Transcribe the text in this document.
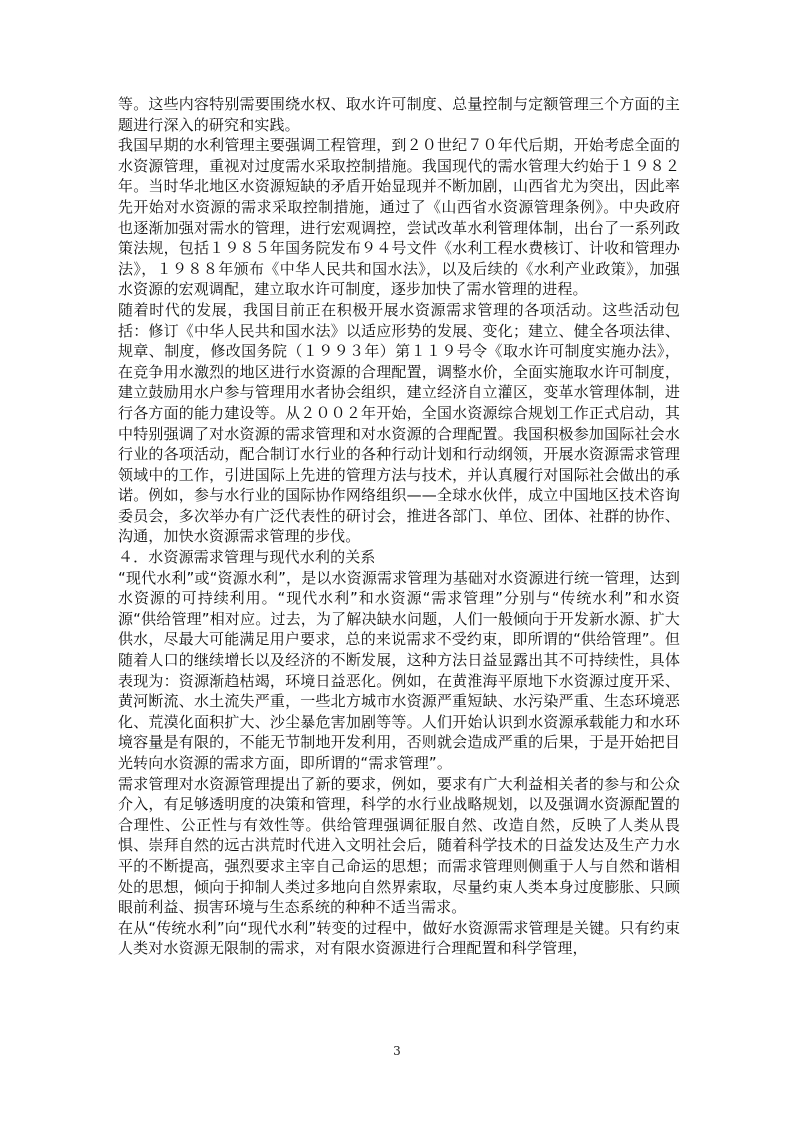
等。这些内容特别需要围绕水权、取水许可制度、总量控制与定额管理三个方面的主题进行深入的研究和实践。

我国早期的水利管理主要强调工程管理，到２０世纪７０年代后期，开始考虑全面的水资源管理，重视对过度需水采取控制措施。我国现代的需水管理大约始于１９８２年。当时华北地区水资源短缺的矛盾开始显现并不断加剧，山西省尤为突出，因此率先开始对水资源的需求采取控制措施，通过了《山西省水资源管理条例》。中央政府也逐渐加强对需水的管理，进行宏观调控，尝试改革水利管理体制，出台了一系列政策法规，包括１９８５年国务院发布９４号文件《水利工程水费核订、计收和管理办法》，１９８８年颁布《中华人民共和国水法》，以及后续的《水利产业政策》，加强水资源的宏观调配，建立取水许可制度，逐步加快了需水管理的进程。

随着时代的发展，我国目前正在积极开展水资源需求管理的各项活动。这些活动包括：修订《中华人民共和国水法》以适应形势的发展、变化；建立、健全各项法律、规章、制度，修改国务院（１９９３年）第１１９号令《取水许可制度实施办法》，在竞争用水激烈的地区进行水资源的合理配置，调整水价，全面实施取水许可制度，建立鼓励用水户参与管理用水者协会组织，建立经济自立灌区，变革水管理体制，进行各方面的能力建设等。从２００２年开始，全国水资源综合规划工作正式启动，其中特别强调了对水资源的需求管理和对水资源的合理配置。我国积极参加国际社会水行业的各项活动，配合制订水行业的各种行动计划和行动纲领，开展水资源需求管理领域中的工作，引进国际上先进的管理方法与技术，并认真履行对国际社会做出的承诺。例如，参与水行业的国际协作网络组织——全球水伙伴，成立中国地区技术咨询委员会，多次举办有广泛代表性的研讨会，推进各部门、单位、团体、社群的协作、沟通，加快水资源需求管理的步伐。

４．水资源需求管理与现代水利的关系

“现代水利”或“资源水利”，是以水资源需求管理为基础对水资源进行统一管理，达到水资源的可持续利用。“现代水利”和水资源“需求管理”分别与“传统水利”和水资源“供给管理”相对应。过去，为了解决缺水问题，人们一般倾向于开发新水源、扩大供水，尽最大可能满足用户要求，总的来说需求不受约束，即所谓的“供给管理”。但随着人口的继续增长以及经济的不断发展，这种方法日益显露出其不可持续性，具体表现为：资源渐趋枯竭，环境日益恶化。例如，在黄淮海平原地下水资源过度开采、黄河断流、水土流失严重，一些北方城市水资源严重短缺、水污染严重、生态环境恶化、荒漠化面积扩大、沙尘暴危害加剧等等。人们开始认识到水资源承载能力和水环境容量是有限的，不能无节制地开发利用，否则就会造成严重的后果，于是开始把目光转向水资源的需求方面，即所谓的“需求管理”。

需求管理对水资源管理提出了新的要求，例如，要求有广大利益相关者的参与和公众介入，有足够透明度的决策和管理，科学的水行业战略规划，以及强调水资源配置的合理性、公正性与有效性等。供给管理强调征服自然、改造自然，反映了人类从畏惧、崇拜自然的远古洪荒时代进入文明社会后，随着科学技术的日益发达及生产力水平的不断提高，强烈要求主宰自己命运的思想；而需求管理则侧重于人与自然和谐相处的思想，倾向于抑制人类过多地向自然界索取，尽量约束人类本身过度膨胀、只顾眼前利益、损害环境与生态系统的种种不适当需求。

在从“传统水利”向“现代水利”转变的过程中，做好水资源需求管理是关键。只有约束人类对水资源无限制的需求，对有限水资源进行合理配置和科学管理，

3
